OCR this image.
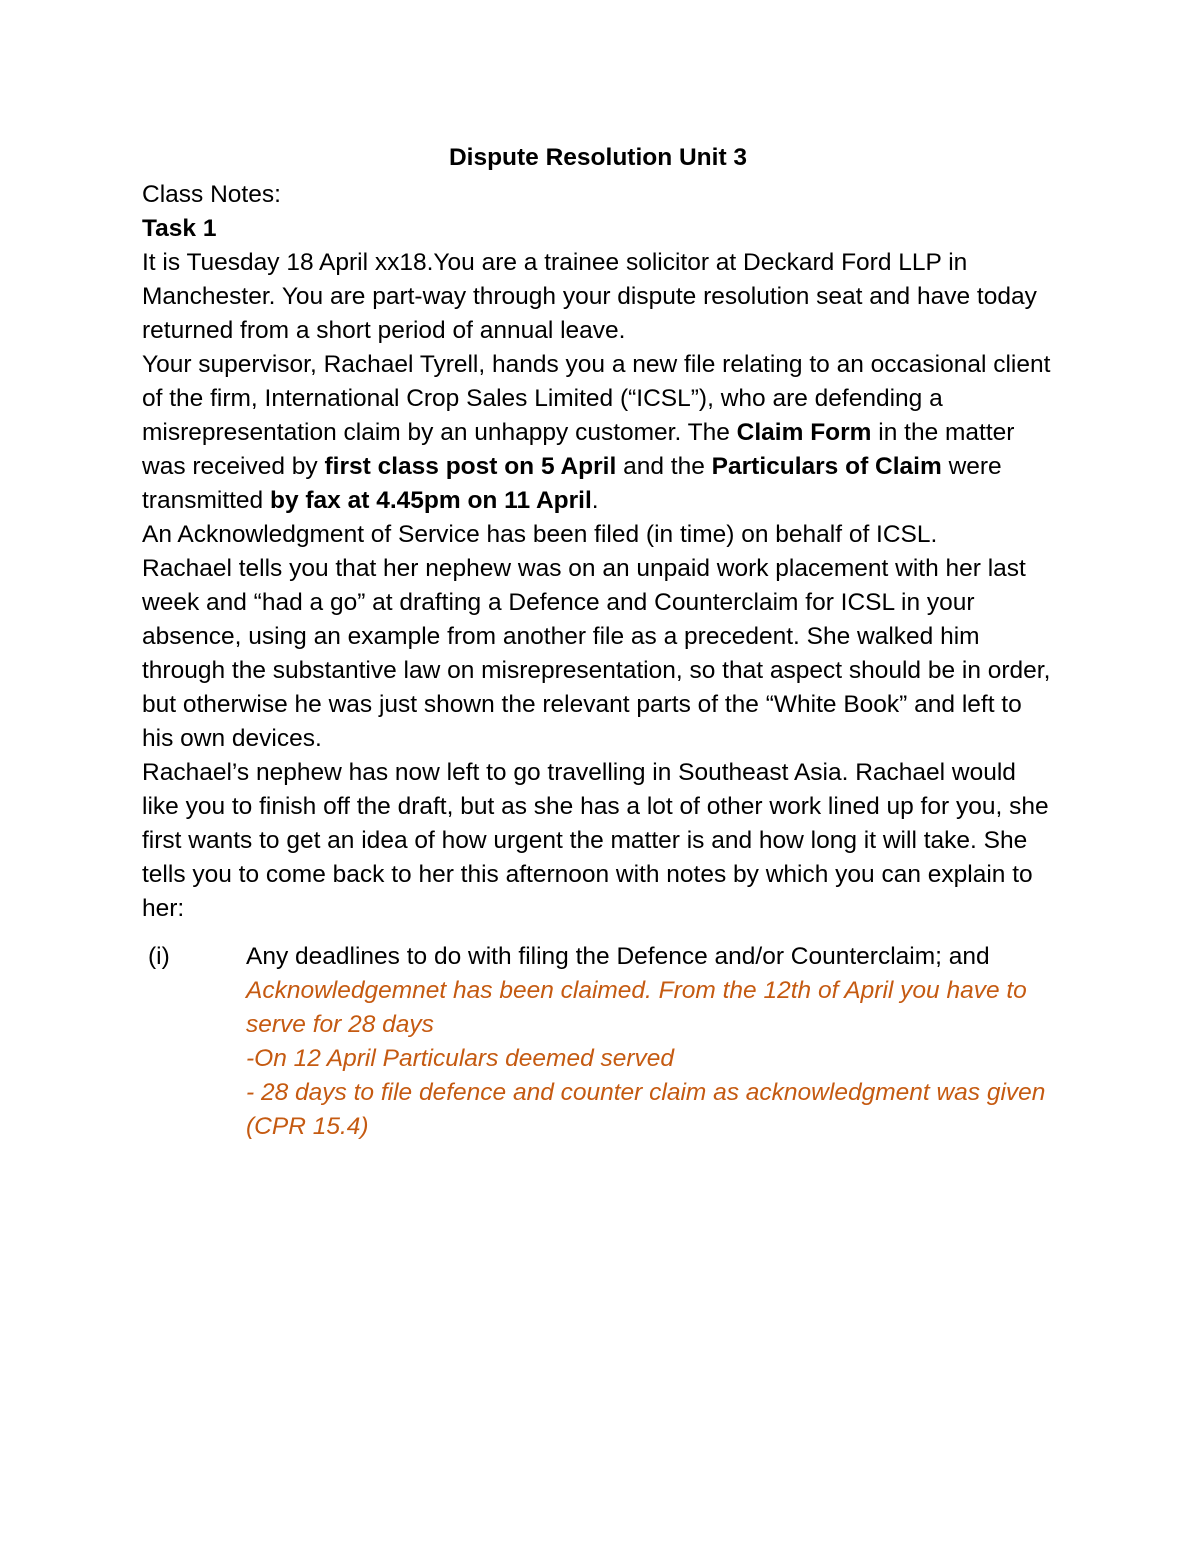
Dispute Resolution Unit 3

Class Notes:

Task 1

It is Tuesday 18 April xx18.You are a trainee solicitor at Deckard Ford LLP in Manchester. You are part-way through your dispute resolution seat and have today returned from a short period of annual leave.

Your supervisor, Rachael Tyrell, hands you a new file relating to an occasional client of the firm, International Crop Sales Limited (“ICSL”), who are defending a misrepresentation claim by an unhappy customer. The Claim Form in the matter was received by first class post on 5 April and the Particulars of Claim were transmitted by fax at 4.45pm on 11 April.

An Acknowledgment of Service has been filed (in time) on behalf of ICSL.

Rachael tells you that her nephew was on an unpaid work placement with her last week and “had a go” at drafting a Defence and Counterclaim for ICSL in your absence, using an example from another file as a precedent. She walked him through the substantive law on misrepresentation, so that aspect should be in order, but otherwise he was just shown the relevant parts of the “White Book” and left to his own devices.

Rachael’s nephew has now left to go travelling in Southeast Asia. Rachael would like you to finish off the draft, but as she has a lot of other work lined up for you, she first wants to get an idea of how urgent the matter is and how long it will take. She tells you to come back to her this afternoon with notes by which you can explain to her:

(i)	Any deadlines to do with filing the Defence and/or Counterclaim; and
Acknowledgemnet has been claimed. From the 12th of April you have to serve for 28 days
-On 12 April Particulars deemed served
- 28 days to file defence and counter claim as acknowledgment was given (CPR 15.4)
